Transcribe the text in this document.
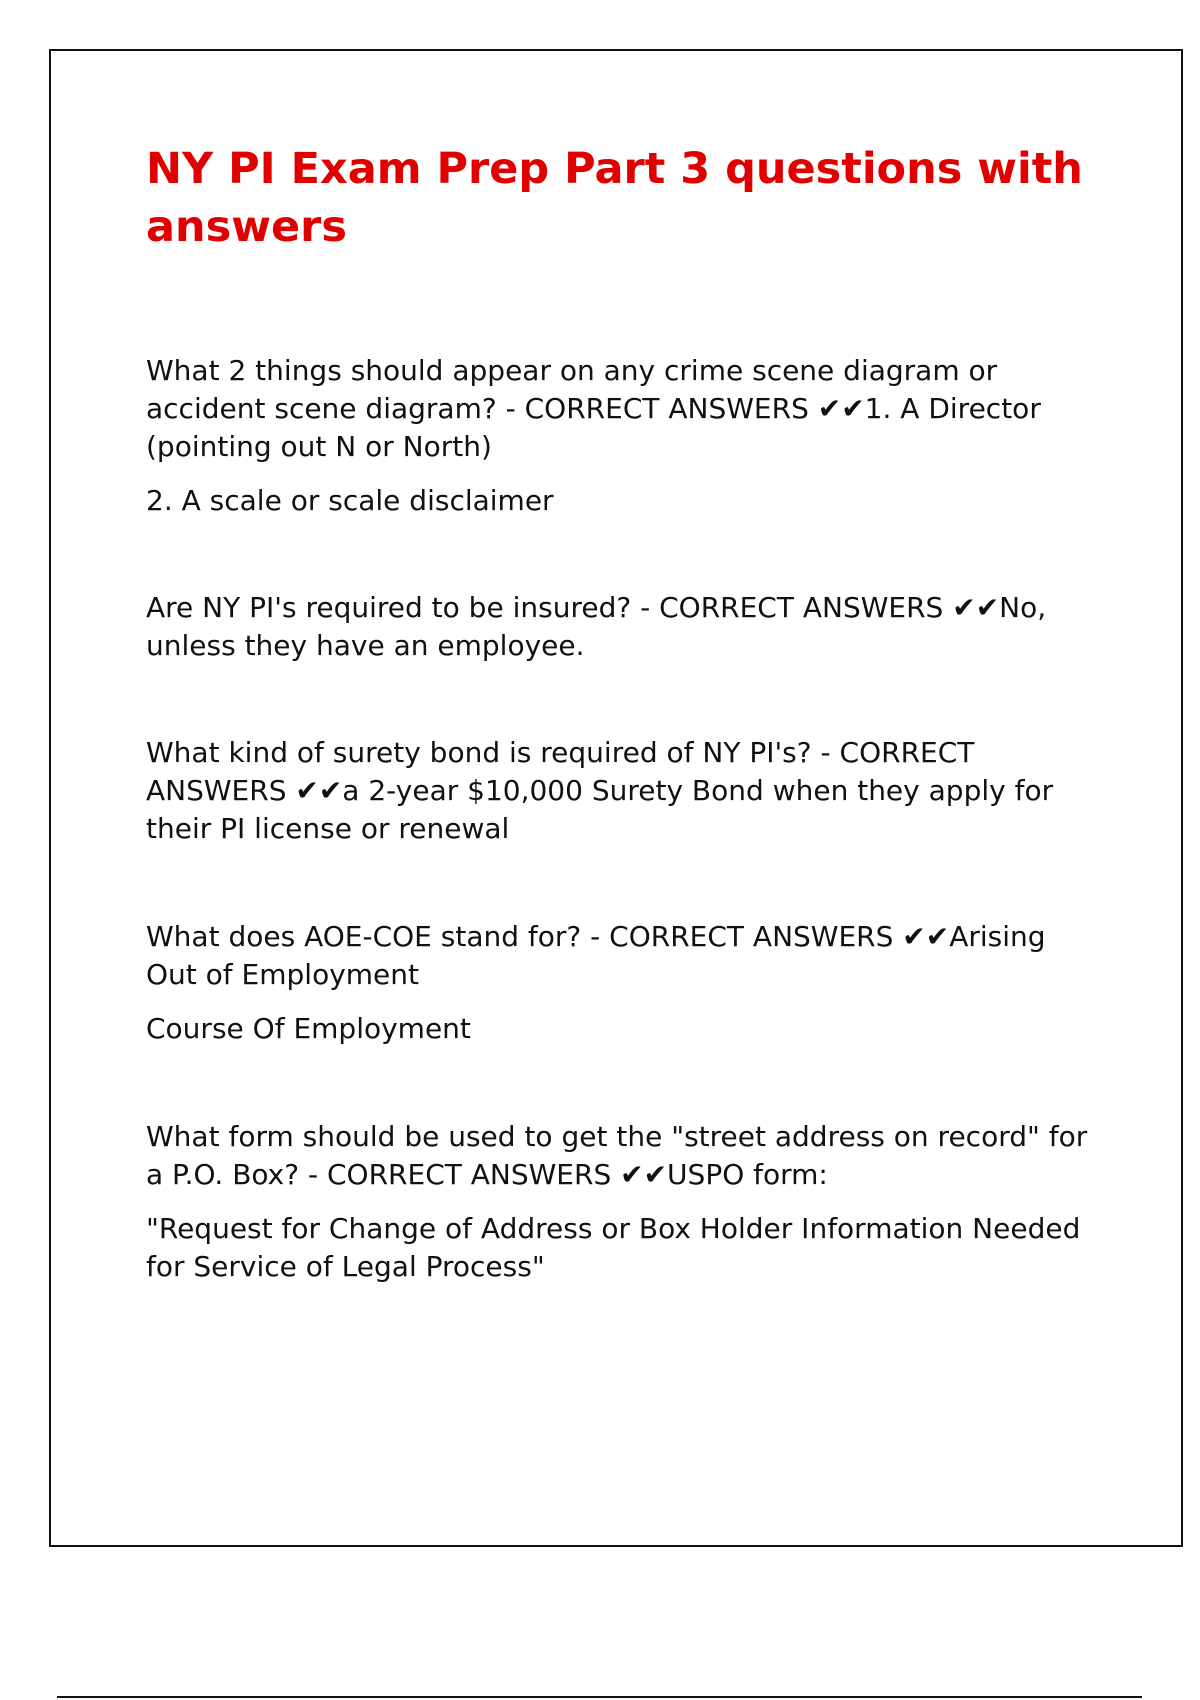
NY PI Exam Prep Part 3 questions with answers

What 2 things should appear on any crime scene diagram or accident scene diagram? - CORRECT ANSWERS ✔✔1. A Director (pointing out N or North)

2. A scale or scale disclaimer

Are NY PI's required to be insured? - CORRECT ANSWERS ✔✔No, unless they have an employee.

What kind of surety bond is required of NY PI's? - CORRECT ANSWERS ✔✔a 2-year $10,000 Surety Bond when they apply for their PI license or renewal

What does AOE-COE stand for? - CORRECT ANSWERS ✔✔Arising Out of Employment

Course Of Employment

What form should be used to get the "street address on record" for a P.O. Box? - CORRECT ANSWERS ✔✔USPO form:

"Request for Change of Address or Box Holder Information Needed for Service of Legal Process"
